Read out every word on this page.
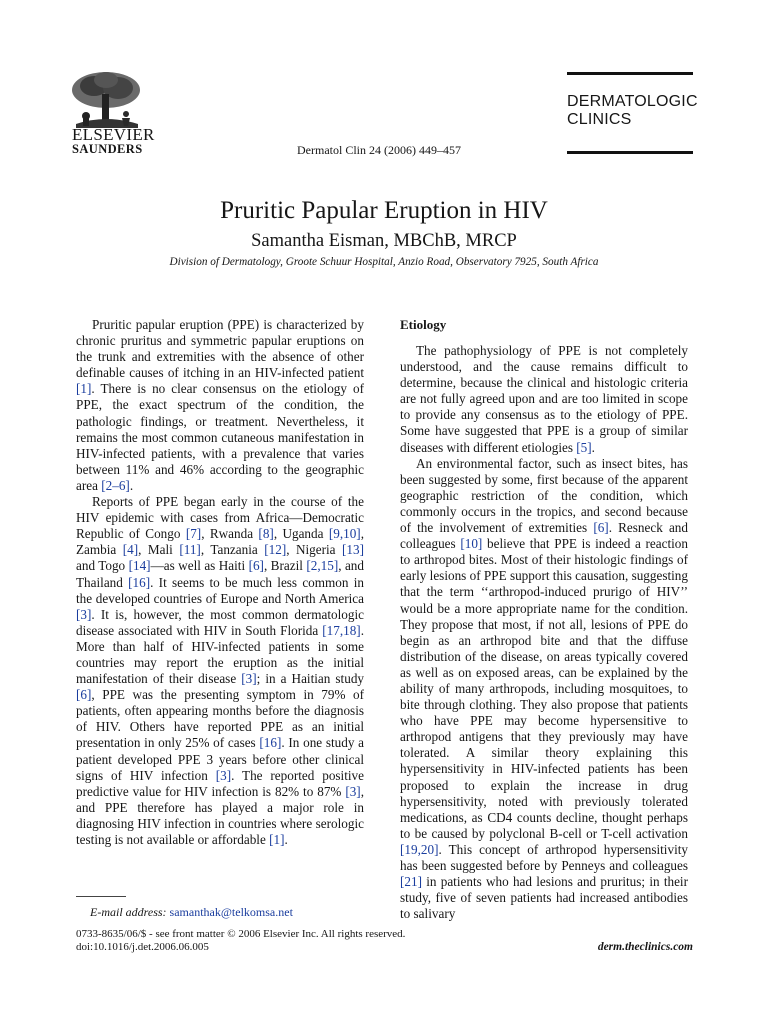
ELSEVIER
SAUNDERS	Dermatol Clin 24 (2006) 449–457
DERMATOLOGIC
CLINICS
Pruritic Papular Eruption in HIV
Samantha Eisman, MBChB, MRCP
Division of Dermatology, Groote Schuur Hospital, Anzio Road, Observatory 7925, South Africa

Pruritic papular eruption (PPE) is characterized by chronic pruritus and symmetric papular eruptions on the trunk and extremities with the absence of other definable causes of itching in an HIV-infected patient [1]. There is no clear consensus on the etiology of PPE, the exact spectrum of the condition, the pathologic findings, or treatment. Nevertheless, it remains the most common cutaneous manifestation in HIV-infected patients, with a prevalence that varies between 11% and 46% according to the geographic area [2–6].

Reports of PPE began early in the course of the HIV epidemic with cases from Africa—Democratic Republic of Congo [7], Rwanda [8], Uganda [9,10], Zambia [4], Mali [11], Tanzania [12], Nigeria [13] and Togo [14]—as well as Haiti [6], Brazil [2,15], and Thailand [16]. It seems to be much less common in the developed countries of Europe and North America [3]. It is, however, the most common dermatologic disease associated with HIV in South Florida [17,18]. More than half of HIV-infected patients in some countries may report the eruption as the initial manifestation of their disease [3]; in a Haitian study [6], PPE was the presenting symptom in 79% of patients, often appearing months before the diagnosis of HIV. Others have reported PPE as an initial presentation in only 25% of cases [16]. In one study a patient developed PPE 3 years before other clinical signs of HIV infection [3]. The reported positive predictive value for HIV infection is 82% to 87% [3], and PPE therefore has played a major role in diagnosing HIV infection in countries where serologic testing is not available or affordable [1].

Etiology

The pathophysiology of PPE is not completely understood, and the cause remains difficult to determine, because the clinical and histologic criteria are not fully agreed upon and are too limited in scope to provide any consensus as to the etiology of PPE. Some have suggested that PPE is a group of similar diseases with different etiologies [5].

An environmental factor, such as insect bites, has been suggested by some, first because of the apparent geographic restriction of the condition, which commonly occurs in the tropics, and second because of the involvement of extremities [6]. Resneck and colleagues [10] believe that PPE is indeed a reaction to arthropod bites. Most of their histologic findings of early lesions of PPE support this causation, suggesting that the term ‘‘arthropod-induced prurigo of HIV’’ would be a more appropriate name for the condition. They propose that most, if not all, lesions of PPE do begin as an arthropod bite and that the diffuse distribution of the disease, on areas typically covered as well as on exposed areas, can be explained by the ability of many arthropods, including mosquitoes, to bite through clothing. They also propose that patients who have PPE may become hypersensitive to arthropod antigens that they previously may have tolerated. A similar theory explaining this hypersensitivity in HIV-infected patients has been proposed to explain the increase in drug hypersensitivity, noted with previously tolerated medications, as CD4 counts decline, thought perhaps to be caused by polyclonal B-cell or T-cell activation [19,20]. This concept of arthropod hypersensitivity has been suggested before by Penneys and colleagues [21] in patients who had lesions and pruritus; in their study, five of seven patients had increased antibodies to salivary

E-mail address: samanthak@telkomsa.net
0733-8635/06/$ - see front matter © 2006 Elsevier Inc. All rights reserved.
doi:10.1016/j.det.2006.06.005	derm.theclinics.com
